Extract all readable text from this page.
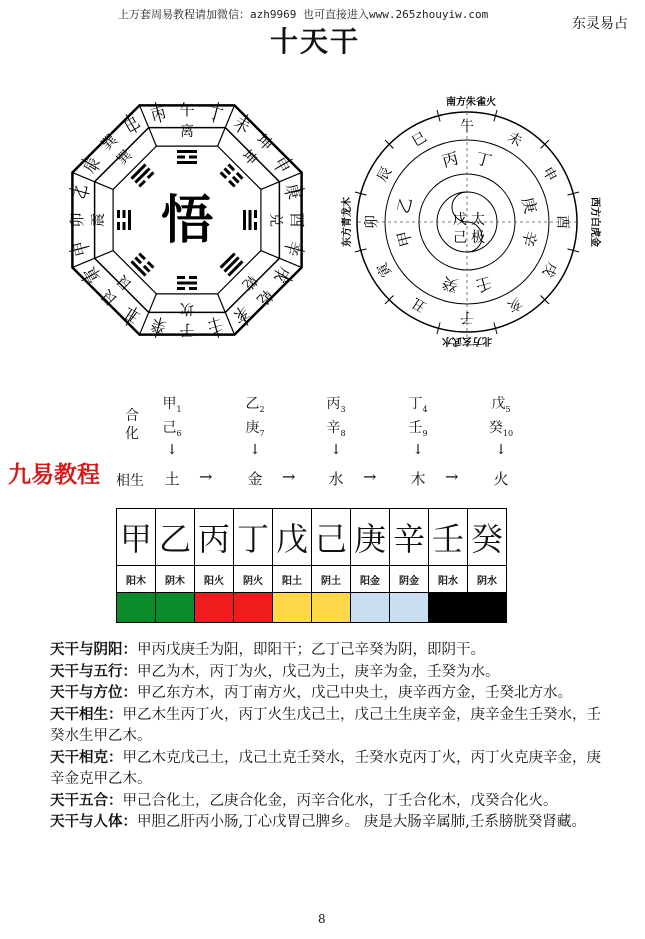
上万套周易教程请加微信：azh9969 也可直接进入www.265zhouyiw.com
东灵易占
十天干
丙 午 丁 未
坤
申
庚
酉
辛
戌
乾
亥
壬
子
癸
丑
艮
寅
甲
卯
乙
辰
巽
巳	离
坤
兑
乾
坎
艮
震
巽
悟
午
未
申
酉
戌
亥
子
丑
寅
卯
辰
巳
丙 丁
庚
辛
壬
癸
甲
乙
南方朱雀火
北方玄武水
西方白虎金
东方青龙木	戊
己
太
极
合
化
相生
甲$_1$
己$_6$
↓
土	→
乙$_2$
庚$_7$
↓
金	→
丙$_3$
辛$_8$
↓
水	→
丁$_4$
壬$_9$
↓
木	→
戊$_5$
癸$_{10}$
↓
火
九易教程
甲	乙	丙	丁	戊	己	庚	辛	壬	癸
阳木	阴木	阳火	阴火	阳土	阴土	阳金	阴金	阳水	阴水

天干与阴阳：甲丙戊庚壬为阳，即阳干；乙丁己辛癸为阴，即阴干。

天干与五行：甲乙为木，丙丁为火，戊己为土，庚辛为金，壬癸为水。

天干与方位：甲乙东方木，丙丁南方火，戊己中央土，庚辛西方金，壬癸北方水。

天干相生：甲乙木生丙丁火，丙丁火生戊己土，戊己土生庚辛金，庚辛金生壬癸水，壬癸水生甲乙木。

天干相克：甲乙木克戊己土，戊己土克壬癸水，壬癸水克丙丁火，丙丁火克庚辛金，庚辛金克甲乙木。

天干五合：甲己合化土，乙庚合化金，丙辛合化水，丁壬合化木，戊癸合化火。

天干与人体：甲胆乙肝丙小肠,丁心戊胃己脾乡。 庚是大肠辛属肺,壬系膀胱癸肾藏。

8
